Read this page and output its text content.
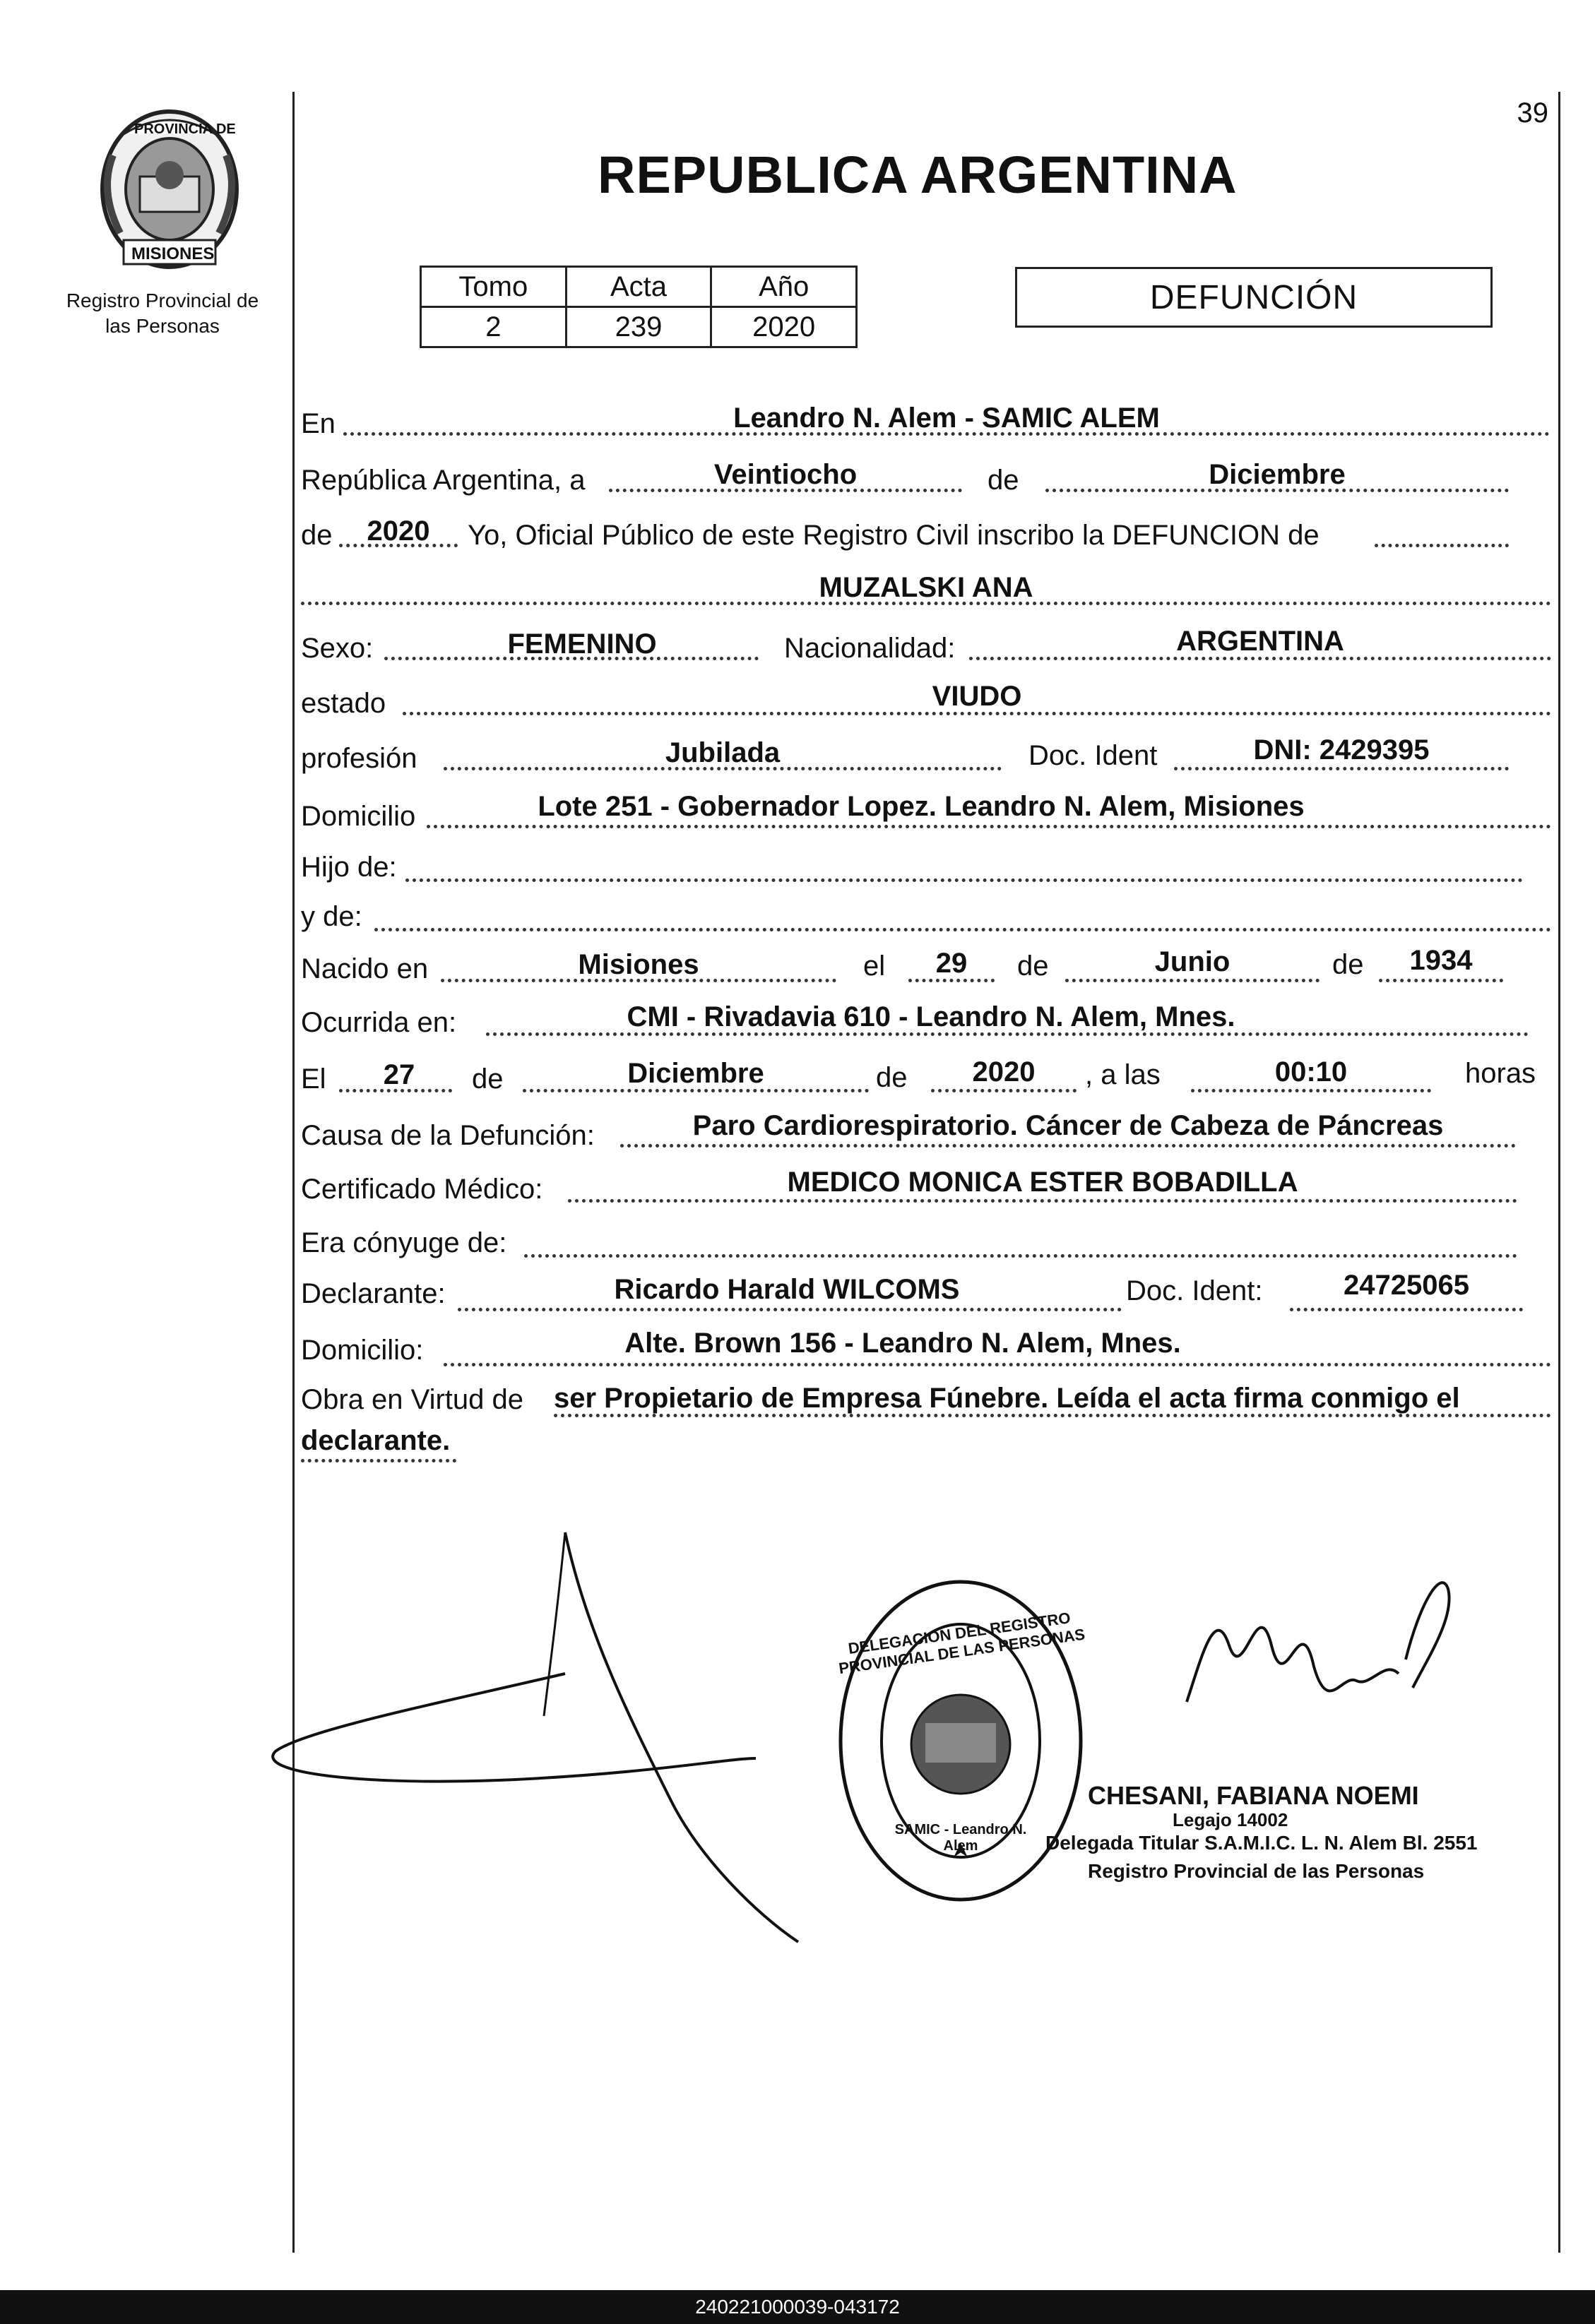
39
PROVINCIA DE
MISIONES
Registro Provincial de las Personas
REPUBLICA ARGENTINA
Tomo	Acta	Año
2	239	2020
DEFUNCIÓN
En	Leandro N. Alem - SAMIC ALEM
República Argentina, a	Veintiocho	de	Diciembre
de	2020	Yo, Oficial Público de este Registro Civil inscribo la DEFUNCION de
MUZALSKI ANA
Sexo:	FEMENINO	Nacionalidad:	ARGENTINA
estado	VIUDO
profesión	Jubilada	Doc. Ident	DNI: 2429395
Domicilio	Lote 251 - Gobernador Lopez. Leandro N. Alem, Misiones
Hijo de:
y de:
Nacido en	Misiones	el	29	de	Junio	de	1934
Ocurrida en:	CMI - Rivadavia 610 - Leandro N. Alem, Mnes.
El	27	de	Diciembre	de	2020	, a las	00:10	horas
Causa de la Defunción:	Paro Cardiorespiratorio. Cáncer de Cabeza de Páncreas
Certificado Médico:	MEDICO MONICA ESTER BOBADILLA
Era cónyuge de:
Declarante:	Ricardo Harald WILCOMS	Doc. Ident:	24725065
Domicilio:	Alte. Brown 156 - Leandro N. Alem, Mnes.
Obra en Virtud de ser Propietario de Empresa Fúnebre. Leída el acta firma conmigo el
declarante.
DELEGACION DEL REGISTRO PROVINCIAL DE LAS PERSONAS
SAMIC - Leandro N. Alem
CHESANI, FABIANA NOEMI
Legajo 14002
Delegada Titular S.A.M.I.C. L. N. Alem Bl. 2551
Registro Provincial de las Personas
240221000039-043172
